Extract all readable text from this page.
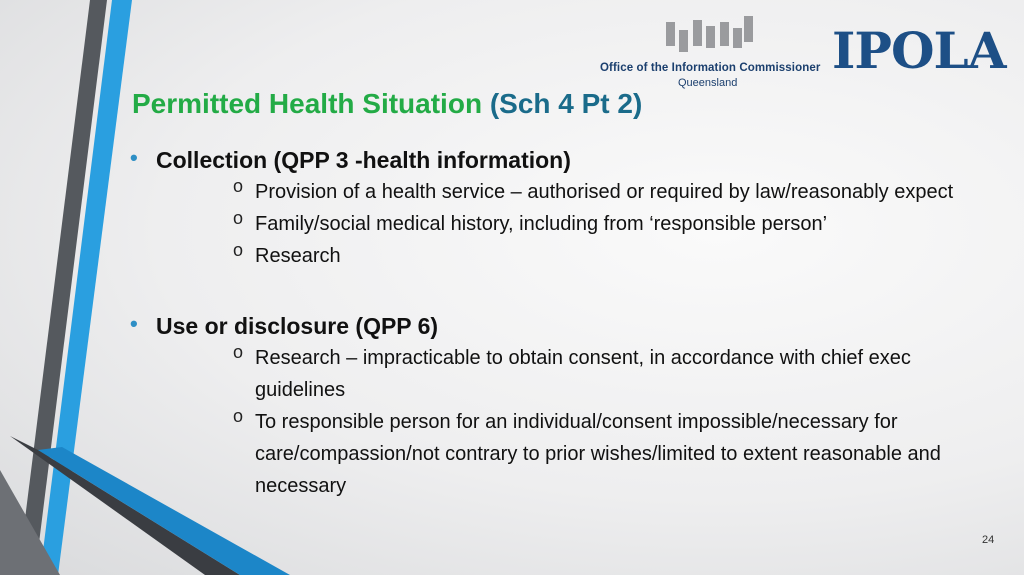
Office of the Information Commissioner
Queensland
IPOLA
Permitted Health Situation (Sch 4 Pt 2)
• Collection (QPP 3 -health information)
o Provision of a health service – authorised or required by law/reasonably expect
o Family/social medical history, including from ‘responsible person’
o Research
• Use or disclosure (QPP 6)
o Research – impracticable to obtain consent, in accordance with chief exec guidelines
o To responsible person for an individual/consent impossible/necessary for care/compassion/not contrary to prior wishes/limited to extent reasonable and necessary
24
